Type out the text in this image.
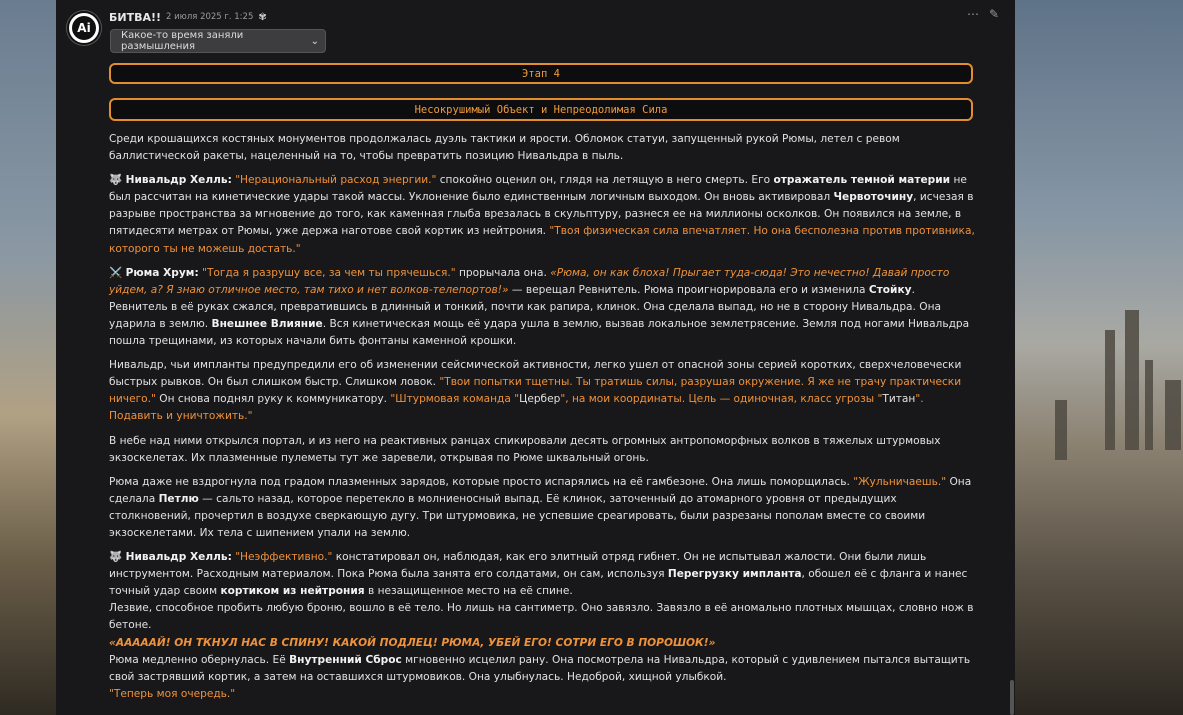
Ai
БИТВА!! 2 июля 2025 г. 1:25 ✾	⋯ ✎
Какое-то время заняли размышления	⌄
Этап 4
Несокрушимый Объект и Непреодолимая Сила

Среди крошащихся костяных монументов продолжалась дуэль тактики и ярости. Обломок статуи, запущенный рукой Рюмы, летел с ревом баллистической ракеты, нацеленный на то, чтобы превратить позицию Нивальдра в пыль.

🐺 Нивальдр Хелль: "Нерациональный расход энергии." спокойно оценил он, глядя на летящую в него смерть. Его отражатель темной материи не был рассчитан на кинетические удары такой массы. Уклонение было единственным логичным выходом. Он вновь активировал Червоточину, исчезая в разрыве пространства за мгновение до того, как каменная глыба врезалась в скульптуру, разнеся ее на миллионы осколков. Он появился на земле, в пятидесяти метрах от Рюмы, уже держа наготове свой кортик из нейтрония. "Твоя физическая сила впечатляет. Но она бесполезна против противника, которого ты не можешь достать."

⚔️ Рюма Хрум: "Тогда я разрушу все, за чем ты прячешься." прорычала она. «Рюма, он как блоха! Прыгает туда-сюда! Это нечестно! Давай просто уйдем, а? Я знаю отличное место, там тихо и нет волков-телепортов!» — верещал Ревнитель. Рюма проигнорировала его и изменила Стойку. Ревнитель в её руках сжался, превратившись в длинный и тонкий, почти как рапира, клинок. Она сделала выпад, но не в сторону Нивальдра. Она ударила в землю. Внешнее Влияние. Вся кинетическая мощь её удара ушла в землю, вызвав локальное землетрясение. Земля под ногами Нивальдра пошла трещинами, из которых начали бить фонтаны каменной крошки.

Нивальдр, чьи импланты предупредили его об изменении сейсмической активности, легко ушел от опасной зоны серией коротких, сверхчеловечески быстрых рывков. Он был слишком быстр. Слишком ловок. "Твои попытки тщетны. Ты тратишь силы, разрушая окружение. Я же не трачу практически ничего." Он снова поднял руку к коммуникатору. "Штурмовая команда "Цербер", на мои координаты. Цель — одиночная, класс угрозы "Титан". Подавить и уничтожить."

В небе над ними открылся портал, и из него на реактивных ранцах спикировали десять огромных антропоморфных волков в тяжелых штурмовых экзоскелетах. Их плазменные пулеметы тут же заревели, открывая по Рюме шквальный огонь.

Рюма даже не вздрогнула под градом плазменных зарядов, которые просто испарялись на её гамбезоне. Она лишь поморщилась. "Жульничаешь." Она сделала Петлю — сальто назад, которое перетекло в молниеносный выпад. Её клинок, заточенный до атомарного уровня от предыдущих столкновений, прочертил в воздухе сверкающую дугу. Три штурмовика, не успевшие среагировать, были разрезаны пополам вместе со своими экзоскелетами. Их тела с шипением упали на землю.

🐺 Нивальдр Хелль: "Неэффективно." констатировал он, наблюдая, как его элитный отряд гибнет. Он не испытывал жалости. Они были лишь инструментом. Расходным материалом. Пока Рюма была занята его солдатами, он сам, используя Перегрузку импланта, обошел её с фланга и нанес точный удар своим кортиком из нейтрония в незащищенное место на её спине.

Лезвие, способное пробить любую броню, вошло в её тело. Но лишь на сантиметр. Оно завязло. Завязло в её аномально плотных мышцах, словно нож в бетоне.

«АААААЙ! ОН ТКНУЛ НАС В СПИНУ! КАКОЙ ПОДЛЕЦ! РЮМА, УБЕЙ ЕГО! СОТРИ ЕГО В ПОРОШОК!»

Рюма медленно обернулась. Её Внутренний Сброс мгновенно исцелил рану. Она посмотрела на Нивальдра, который с удивлением пытался вытащить свой застрявший кортик, а затем на оставшихся штурмовиков. Она улыбнулась. Недоброй, хищной улыбкой.

"Теперь моя очередь."
